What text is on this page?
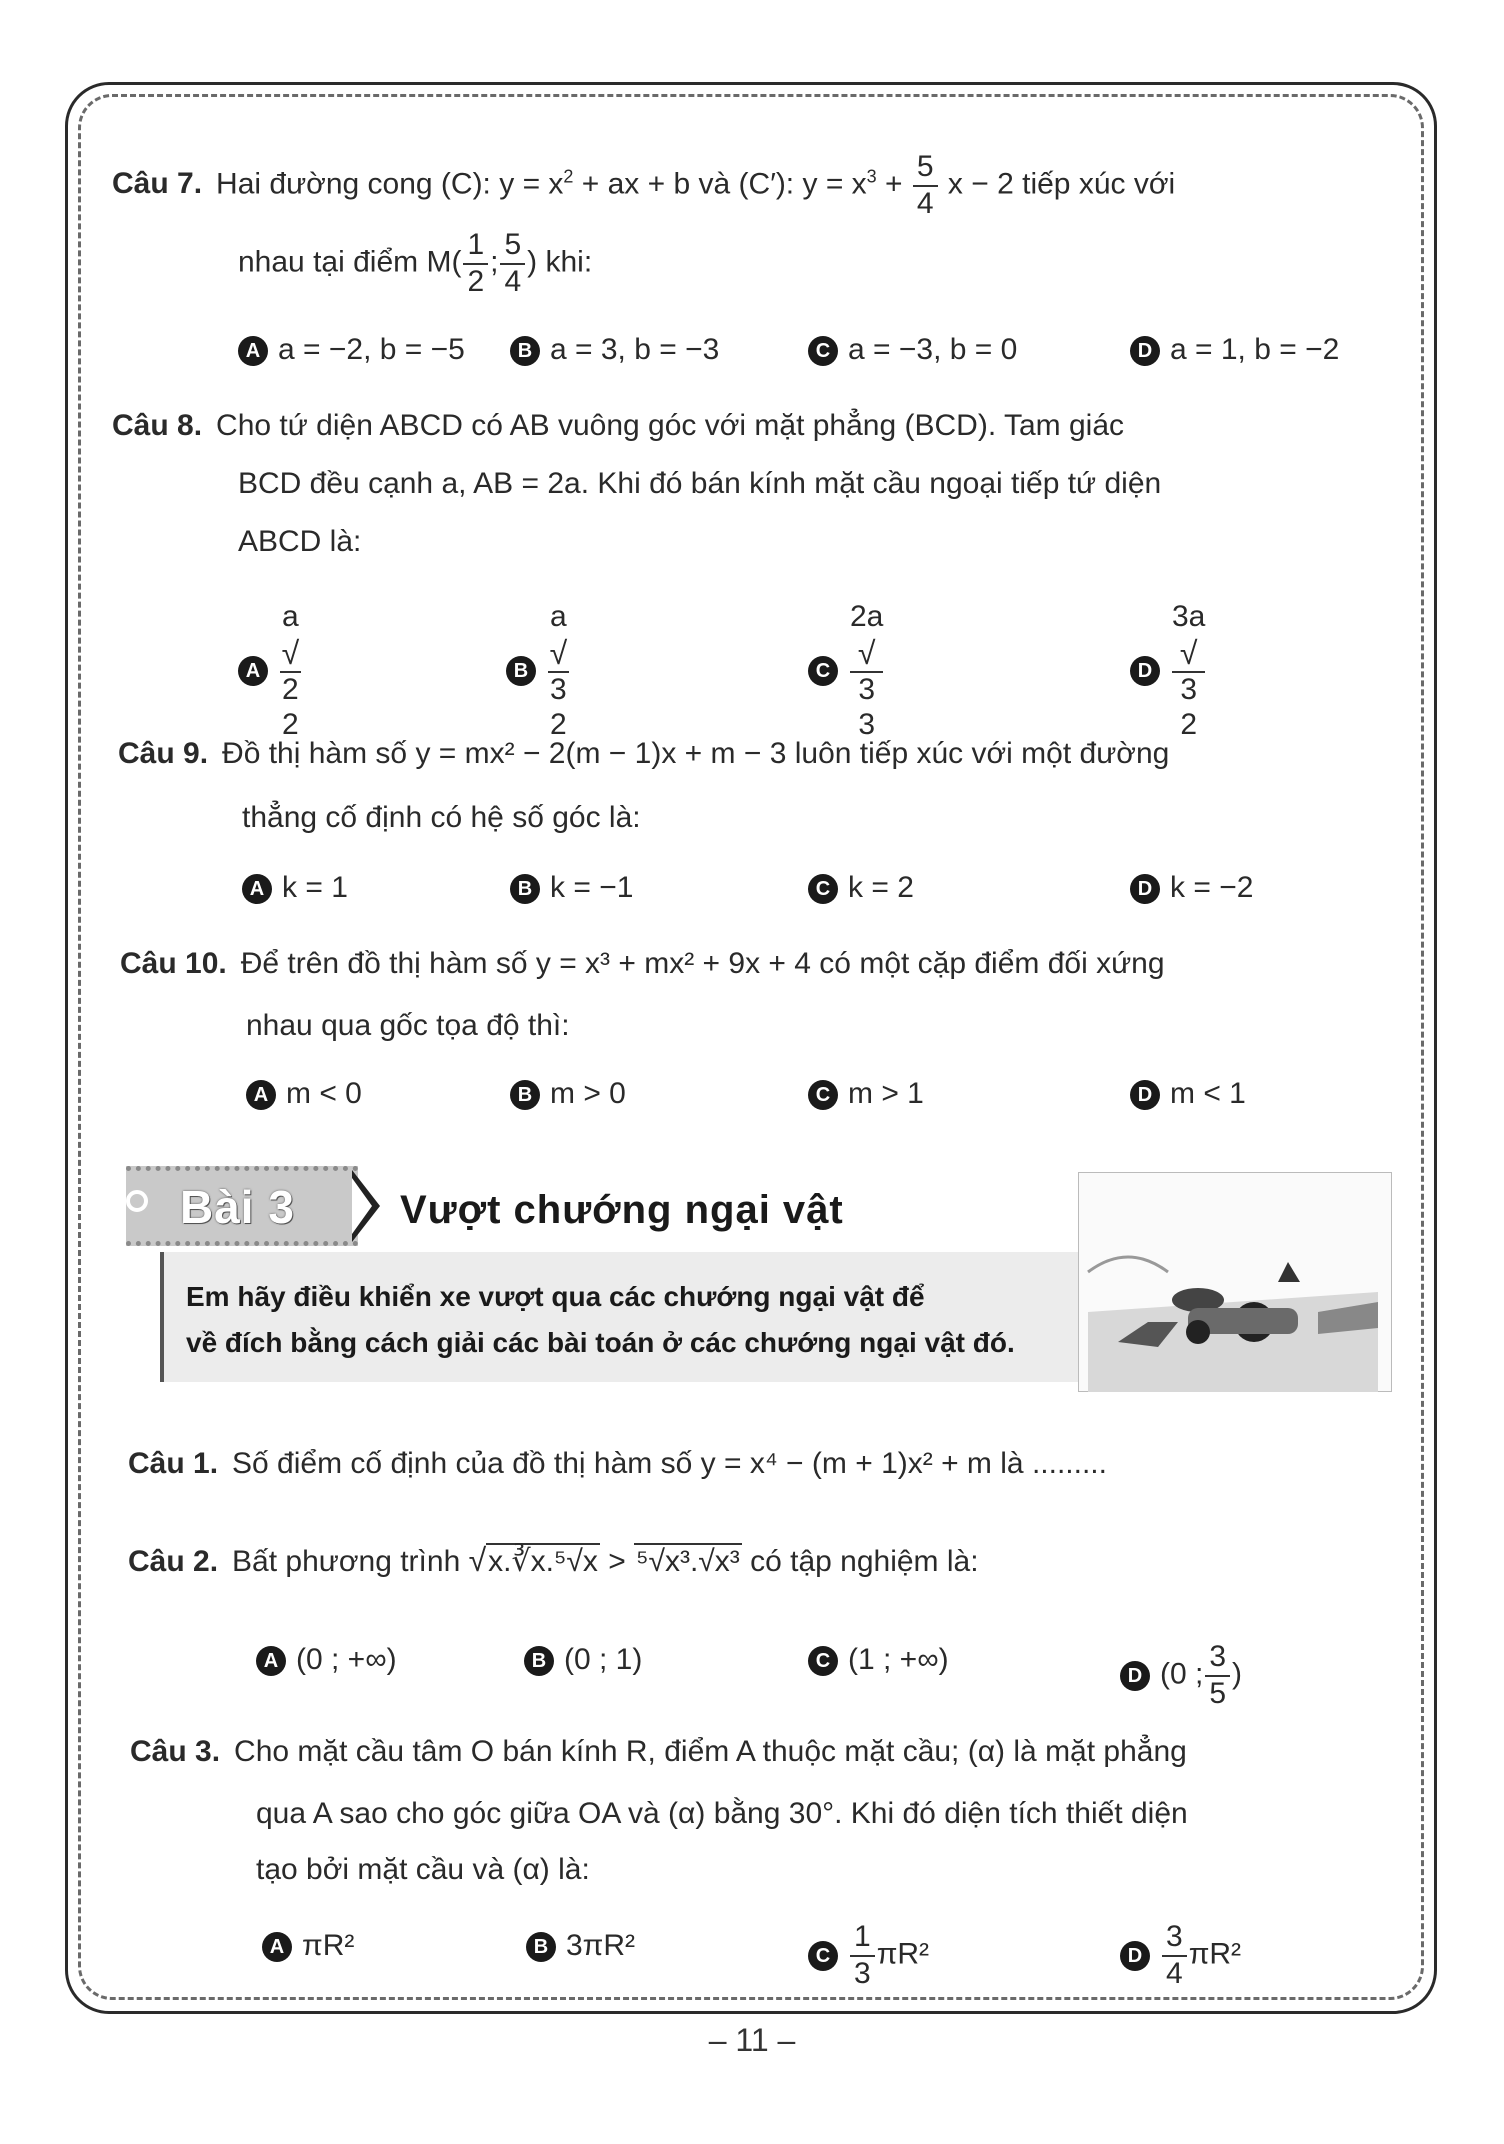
Câu 7. Hai đường cong (C): $y = x^2$ + ax + b và (C′): $y = x^3 + \frac{5}{4}$ x − 2 tiếp xúc với
nhau tại điểm $M( \frac{1}{2}$ ; $\frac{5}{4}$ ) khi:
A a = −2, b = −5	B a = 3, b = −3	C a = −3, b = 0	D a = 1, b = −2
Câu 8. Cho tứ diện ABCD có AB vuông góc với mặt phẳng (BCD). Tam giác
BCD đều cạnh a, AB = 2a. Khi đó bán kính mặt cầu ngoại tiếp tứ diện
ABCD là:
A
a
√
2
2
B
a
√
3
2
C
2a
√
3
3
D
3a
√
3
2
Câu 9. Đồ thị hàm số y = mx² − 2(m − 1)x + m − 3 luôn tiếp xúc với một đường
thẳng cố định có hệ số góc là:
A k = 1	B k = −1	C k = 2	D k = −2
Câu 10. Để trên đồ thị hàm số y = x³ + mx² + 9x + 4 có một cặp điểm đối xứng
nhau qua gốc tọa độ thì:
A m < 0	B m > 0	C m > 1	D m < 1
Bài 3	Vượt chướng ngại vật
Em hãy điều khiển xe vượt qua các chướng ngại vật để
về đích bằng cách giải các bài toán ở các chướng ngại vật đó.
Câu 1. Số điểm cố định của đồ thị hàm số y = x⁴ − (m + 1)x² + m là .........
Câu 2. Bất phương trình √x.∛x.⁵√x > ⁵√x³.√x³ có tập nghiệm là:
A (0 ; +∞)	B (0 ; 1)	C (1 ; +∞)	D (0 ; $\frac{3}{5}$ )
Câu 3. Cho mặt cầu tâm O bán kính R, điểm A thuộc mặt cầu; (α) là mặt phẳng
qua A sao cho góc giữa OA và (α) bằng 30°. Khi đó diện tích thiết diện
tạo bởi mặt cầu và (α) là:
A πR²	B 3πR²	C $\frac{1}{3} \pi R^2$	D $\frac{3}{4} \pi R^2$
– 11 –
